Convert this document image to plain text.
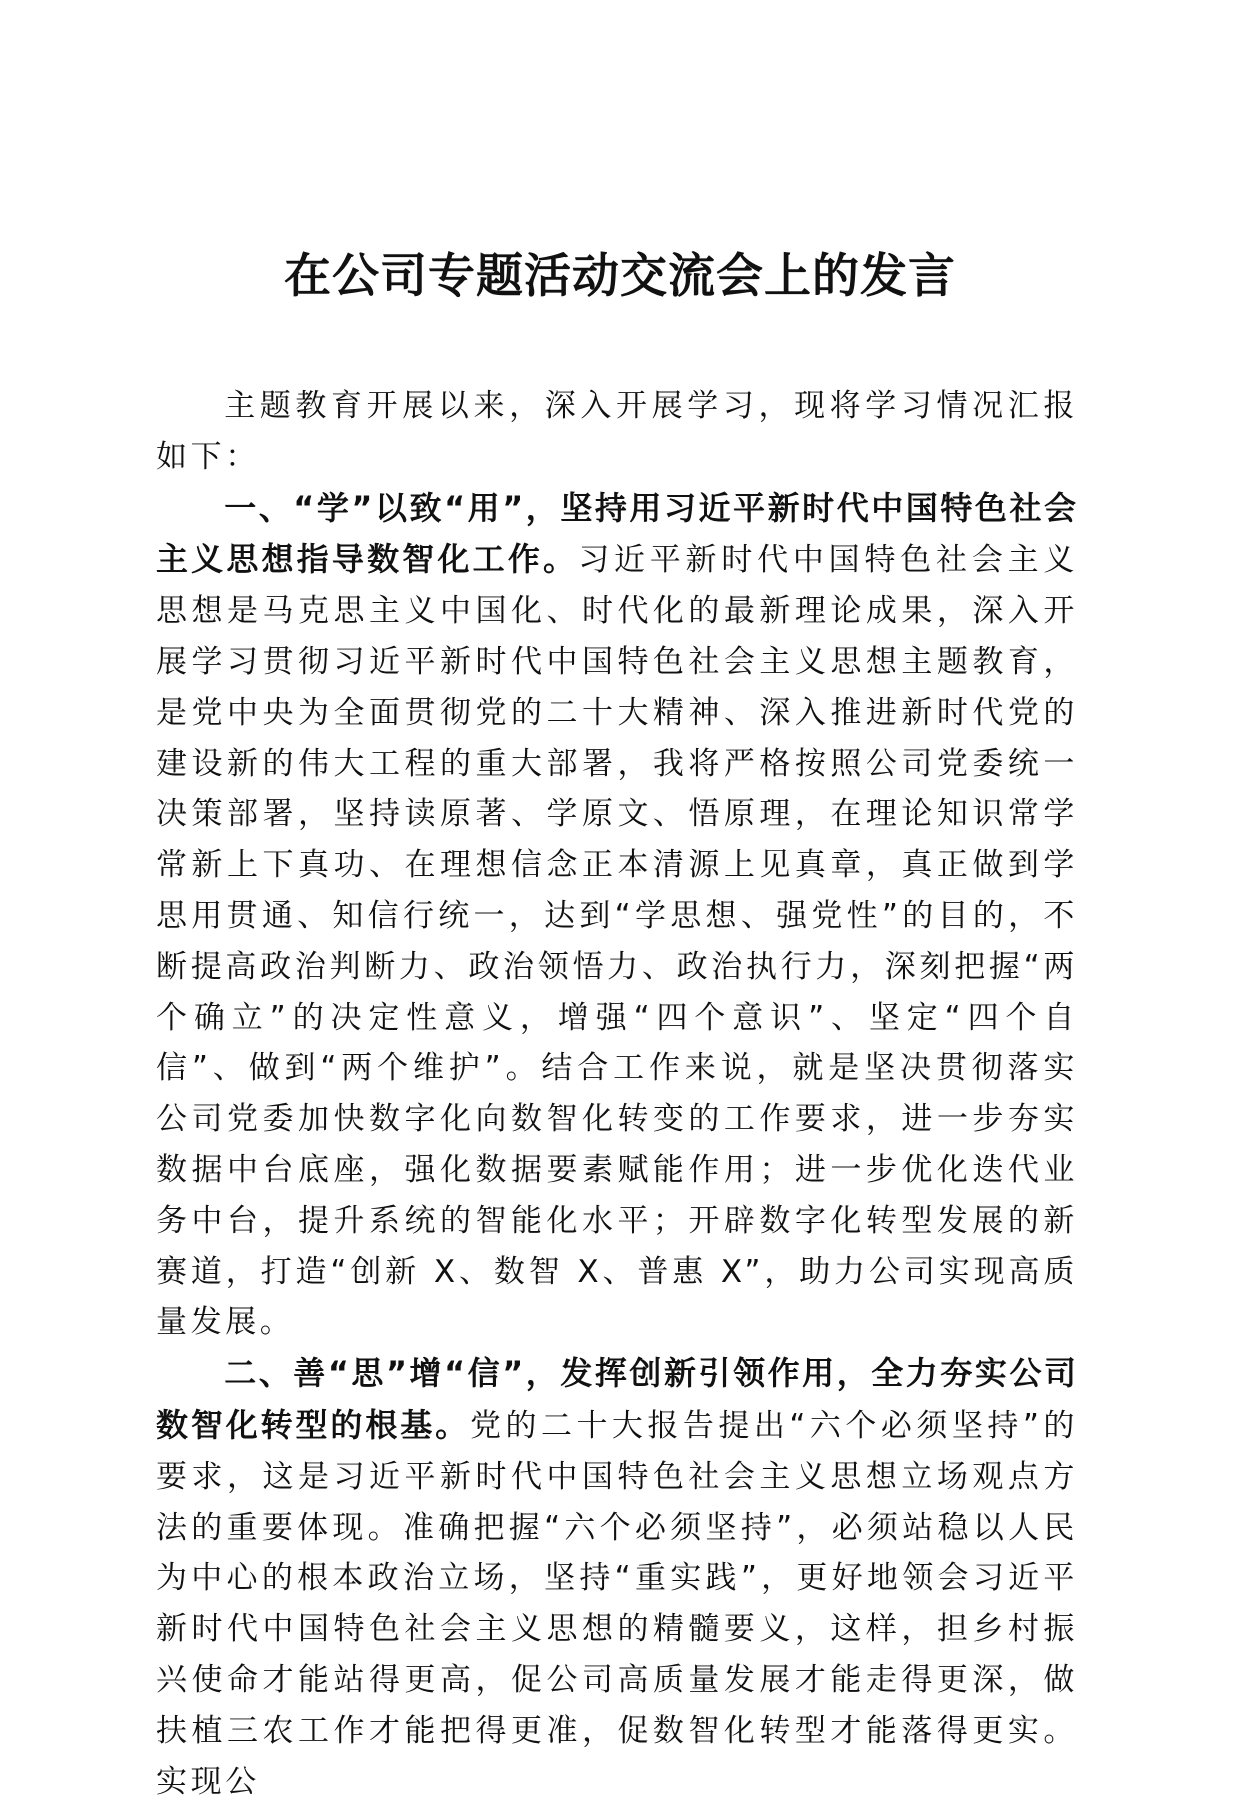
在公司专题活动交流会上的发言

主题教育开展以来，深入开展学习，现将学习情况汇报如下：

一、“学”以致“用”，坚持用习近平新时代中国特色社会主义思想指导数智化工作。习近平新时代中国特色社会主义思想是马克思主义中国化、时代化的最新理论成果，深入开展学习贯彻习近平新时代中国特色社会主义思想主题教育，是党中央为全面贯彻党的二十大精神、深入推进新时代党的建设新的伟大工程的重大部署，我将严格按照公司党委统一决策部署，坚持读原著、学原文、悟原理，在理论知识常学常新上下真功、在理想信念正本清源上见真章，真正做到学思用贯通、知信行统一，达到“学思想、强党性”的目的，不断提高政治判断力、政治领悟力、政治执行力，深刻把握“两个确立”的决定性意义，增强“四个意识”、坚定“四个自信”、做到“两个维护”。结合工作来说，就是坚决贯彻落实公司党委加快数字化向数智化转变的工作要求，进一步夯实数据中台底座，强化数据要素赋能作用；进一步优化迭代业务中台，提升系统的智能化水平；开辟数字化转型发展的新赛道，打造“创新 X、数智 X、普惠 X”，助力公司实现高质量发展。

二、善“思”增“信”，发挥创新引领作用，全力夯实公司数智化转型的根基。党的二十大报告提出“六个必须坚持”的要求，这是习近平新时代中国特色社会主义思想立场观点方法的重要体现。准确把握“六个必须坚持”，必须站稳以人民为中心的根本政治立场，坚持“重实践”，更好地领会习近平新时代中国特色社会主义思想的精髓要义，这样，担乡村振兴使命才能站得更高，促公司高质量发展才能走得更深，做扶植三农工作才能把得更准，促数智化转型才能落得更实。实现公
